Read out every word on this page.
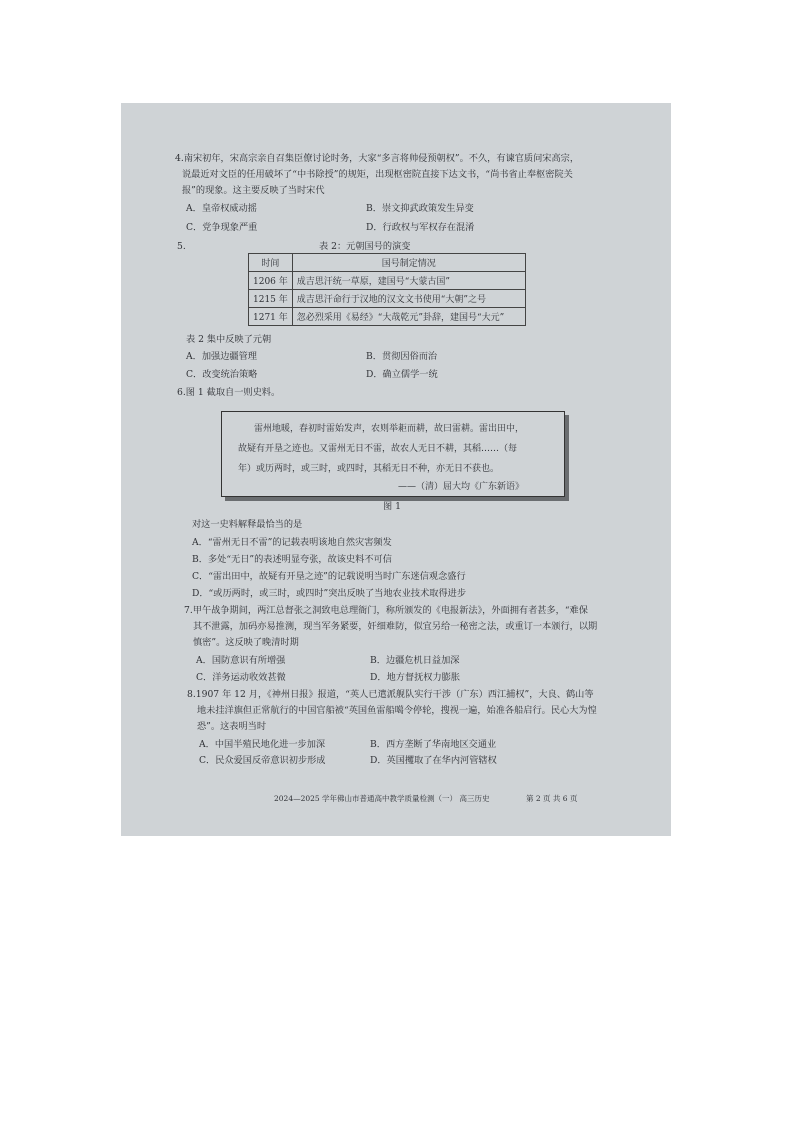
4.南宋初年，宋高宗亲自召集臣僚讨论时务，大家“多言将帅侵预朝权”。不久，有谏官质问宋高宗，
说最近对文臣的任用破坏了“中书除授”的规矩，出现枢密院直接下达文书，“尚书省止奉枢密院关
报”的现象。这主要反映了当时宋代
A．皇帝权威动摇	B．崇文抑武政策发生异变
C．党争现象严重	D．行政权与军权存在混淆
5.	表 2：元朝国号的演变
时间	国号制定情况
1206 年	成吉思汗统一草原，建国号“大蒙古国”
1215 年	成吉思汗命行于汉地的汉文文书使用“大朝”之号
1271 年	忽必烈采用《易经》“大哉乾元”卦辞，建国号“大元”
表 2 集中反映了元朝
A．加强边疆管理	B．贯彻因俗而治
C．改变统治策略	D．确立儒学一统
6.图 1 截取自一则史料。
雷州地暖，春初时雷始发声，农则举耟而耕，故曰雷耕。雷出田中，
故疑有开垦之迹也。又雷州无日不雷，故农人无日不耕，其稻……（每
年）或历两时，或三时，或四时，其稻无日不种，亦无日不获也。
——（清）屈大均《广东新语》
图 1
对这一史料解释最恰当的是
A．“雷州无日不雷”的记载表明该地自然灾害频发
B．多处“无日”的表述明显夸张，故该史料不可信
C．“雷出田中，故疑有开垦之迹”的记载说明当时广东迷信观念盛行
D．“或历两时，或三时，或四时”突出反映了当地农业技术取得进步
7.甲午战争期间，两江总督张之洞致电总理衙门，称所颁发的《电报新法》，外面拥有者甚多，“难保
其不泄露，加码亦易推测，现当军务紧要，奸细难防，似宜另给一秘密之法，或重订一本颁行，以期
慎密”。这反映了晚清时期
A．国防意识有所增强	B．边疆危机日益加深
C．洋务运动收效甚微	D．地方督抚权力膨胀
8.1907 年 12 月，《神州日报》报道，“英人已遣派舰队实行干涉（广东）西江捕权”，大良、鹤山等
地未挂洋旗但正常航行的中国官船被“英国鱼雷船噶令停轮，搜视一遍，始准各船启行。民心大为惶
恐”。这表明当时
A．中国半殖民地化进一步加深	B．西方垄断了华南地区交通业
C．民众爱国反帝意识初步形成	D．英国攫取了在华内河管辖权
2024—2025 学年佛山市普通高中教学质量检测（一） 高三历史	第 2 页 共 6 页
